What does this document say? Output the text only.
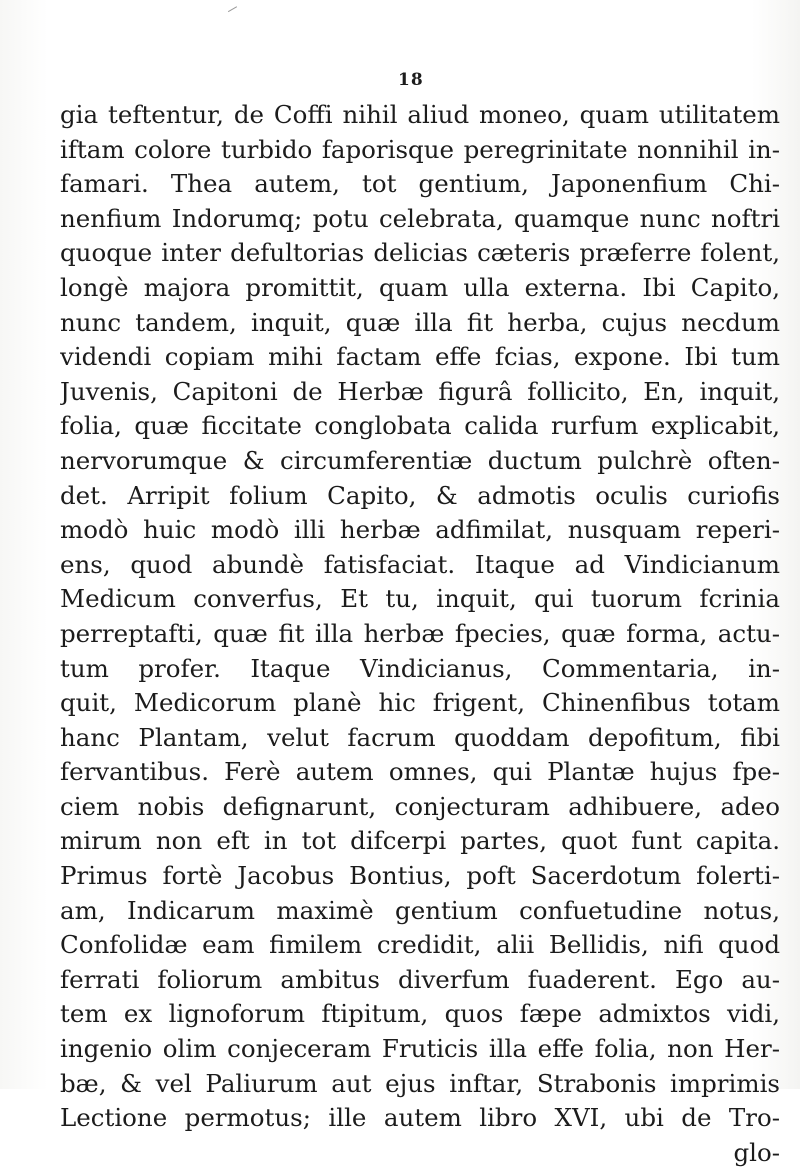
18
gia teftentur, de Coffi nihil aliud moneo, quam utilitatem
iftam colore turbido faporisque peregrinitate nonnihil in-
famari. Thea autem, tot gentium, Japonenfium Chi-
nenfium Indorumq; potu celebrata, quamque nunc noftri
quoque inter defultorias delicias cæteris præferre folent,
longè majora promittit, quam ulla externa. Ibi Capito,
nunc tandem, inquit, quæ illa fit herba, cujus necdum
videndi copiam mihi factam effe fcias, expone. Ibi tum
Juvenis, Capitoni de Herbæ figurâ follicito, En, inquit,
folia, quæ ficcitate conglobata calida rurfum explicabit,
nervorumque & circumferentiæ ductum pulchrè often-
det. Arripit folium Capito, & admotis oculis curiofis
modò huic modò illi herbæ adfimilat, nusquam reperi-
ens, quod abundè fatisfaciat. Itaque ad Vindicianum
Medicum converfus, Et tu, inquit, qui tuorum fcrinia
perreptafti, quæ fit illa herbæ fpecies, quæ forma, actu-
tum profer. Itaque Vindicianus, Commentaria, in-
quit, Medicorum planè hic frigent, Chinenfibus totam
hanc Plantam, velut facrum quoddam depofitum, fibi
fervantibus. Ferè autem omnes, qui Plantæ hujus fpe-
ciem nobis defignarunt, conjecturam adhibuere, adeo
mirum non eft in tot difcerpi partes, quot funt capita.
Primus fortè Jacobus Bontius, poft Sacerdotum folerti-
am, Indicarum maximè gentium confuetudine notus,
Confolidæ eam fimilem credidit, alii Bellidis, nifi quod
ferrati foliorum ambitus diverfum fuaderent. Ego au-
tem ex lignoforum ftipitum, quos fæpe admixtos vidi,
ingenio olim conjeceram Fruticis illa effe folia, non Her-
bæ, & vel Paliurum aut ejus inftar, Strabonis imprimis
Lectione permotus; ille autem libro XVI, ubi de Tro-
glo-
